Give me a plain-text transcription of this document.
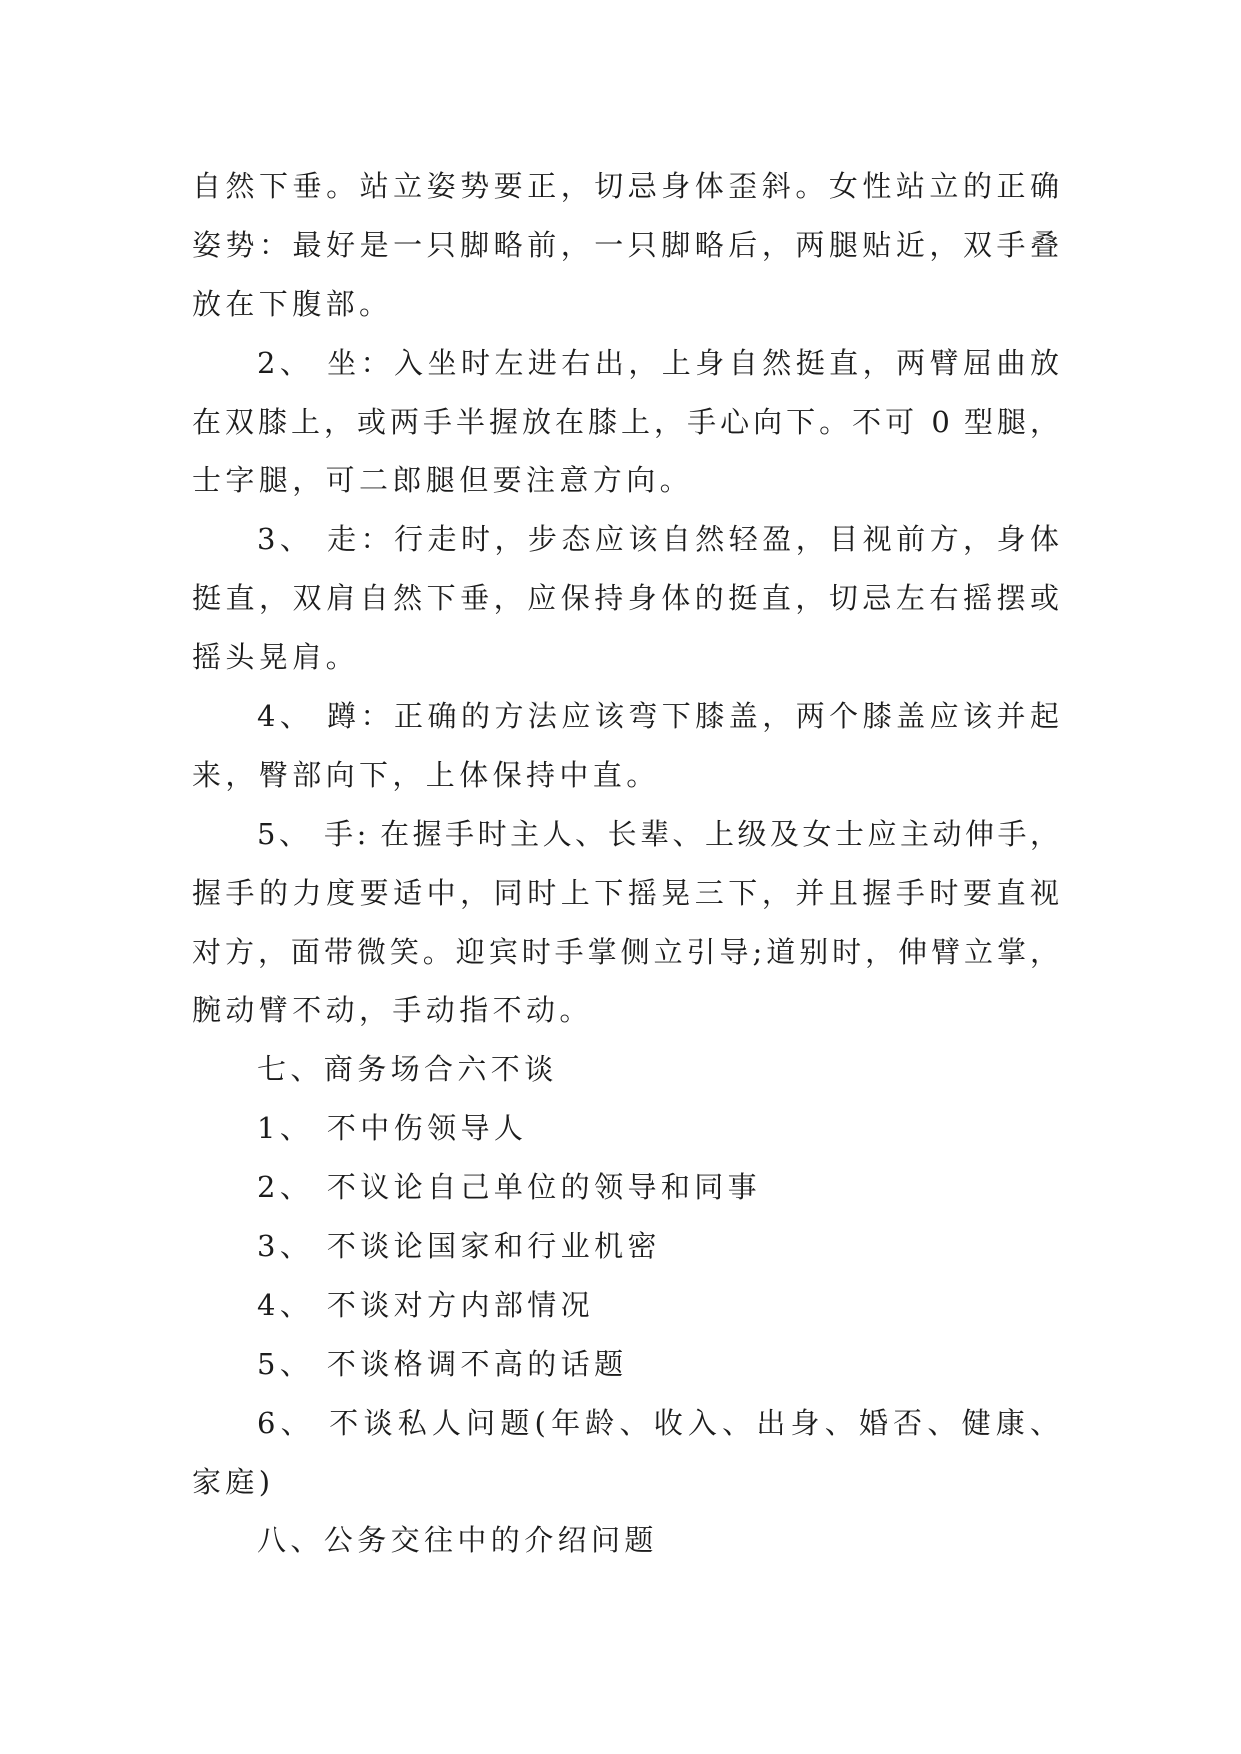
自然下垂。站立姿势要正，切忌身体歪斜。女性站立的正确
姿势：最好是一只脚略前，一只脚略后，两腿贴近，双手叠
放在下腹部。
2、 坐：入坐时左进右出，上身自然挺直，两臂屈曲放
在双膝上，或两手半握放在膝上，手心向下。不可 0 型腿，
士字腿，可二郎腿但要注意方向。
3、 走：行走时，步态应该自然轻盈，目视前方，身体
挺直，双肩自然下垂，应保持身体的挺直，切忌左右摇摆或
摇头晃肩。
4、 蹲：正确的方法应该弯下膝盖，两个膝盖应该并起
来，臀部向下，上体保持中直。
5、 手: 在握手时主人、长辈、上级及女士应主动伸手，
握手的力度要适中，同时上下摇晃三下，并且握手时要直视
对方，面带微笑。迎宾时手掌侧立引导;道别时，伸臂立掌，
腕动臂不动，手动指不动。
七、商务场合六不谈
1、 不中伤领导人
2、 不议论自己单位的领导和同事
3、 不谈论国家和行业机密
4、 不谈对方内部情况
5、 不谈格调不高的话题
6、 不谈私人问题(年龄、收入、出身、婚否、健康、
家庭)
八、公务交往中的介绍问题
